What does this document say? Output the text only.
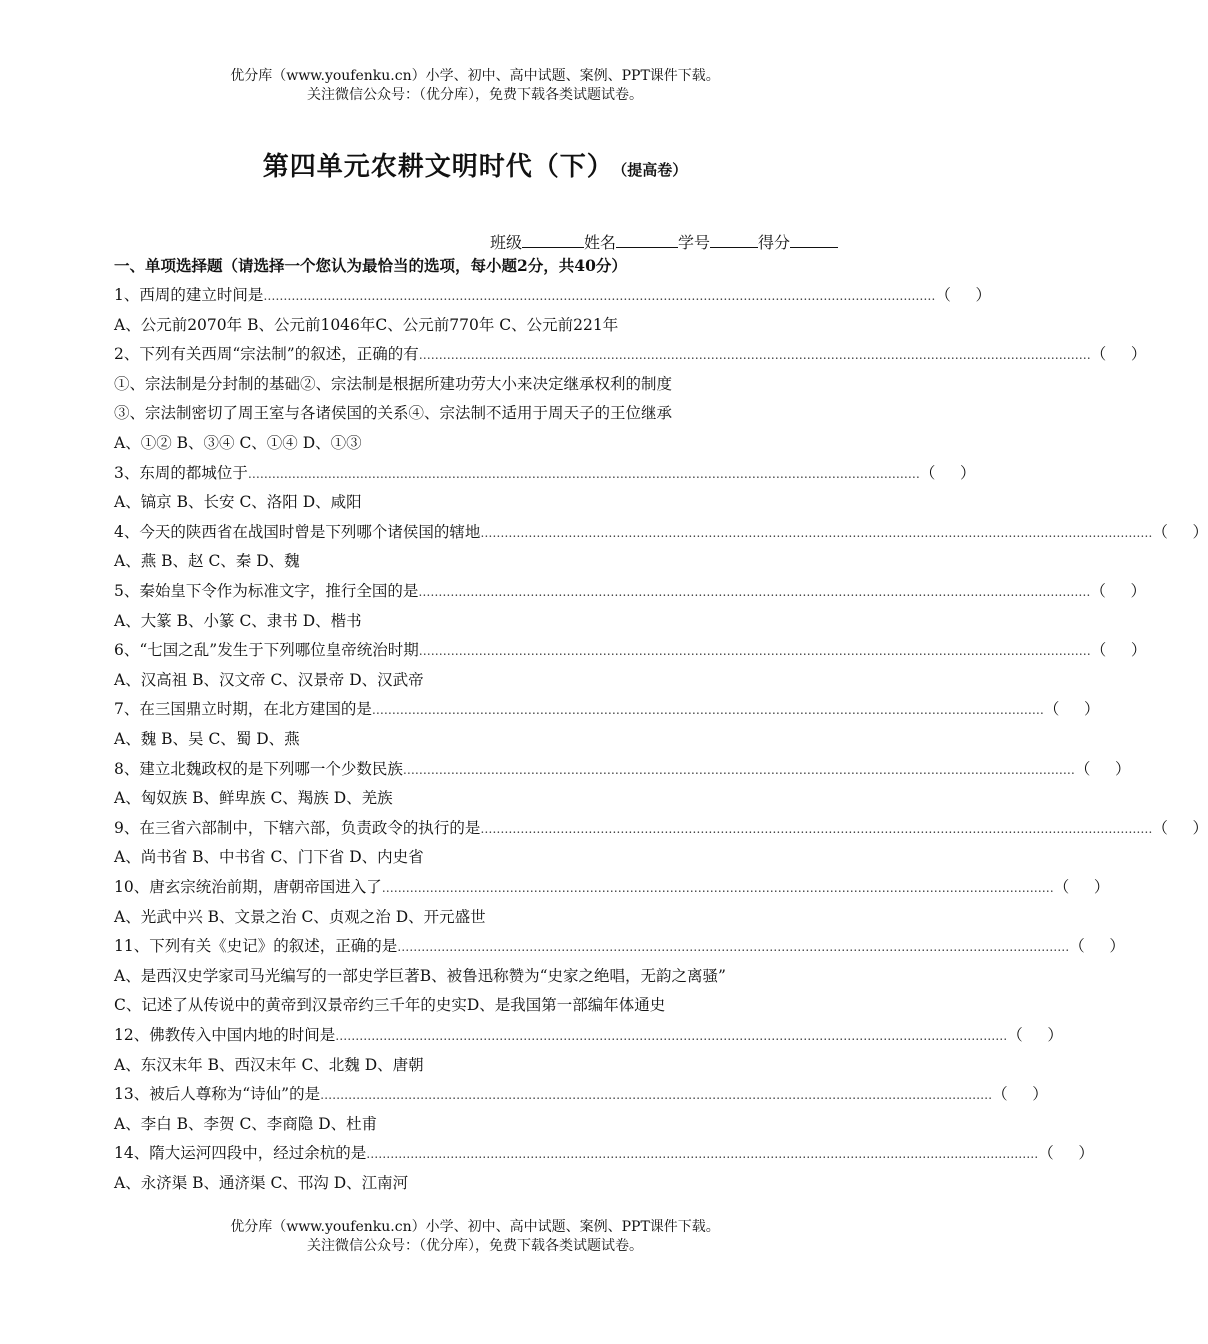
优分库（www.youfenku.cn）小学、初中、高中试题、案例、PPT课件下载。
关注微信公众号：（优分库），免费下载各类试题试卷。
第四单元农耕文明时代（下） （提高卷）
班级	姓名	学号	得分
一、单项选择题（请选择一个您认为最恰当的选项，每小题2分，共40分）
1、西周的建立时间是 …………………………………………………………………………………………………………………………………………………… （     ）
A、公元前2070年 B、公元前1046年C、公元前770年 C、公元前221年
2、下列有关西周“宗法制”的叙述，正确的有 …………………………………………………………………………………………………………………………………………………… （     ）
①、宗法制是分封制的基础②、宗法制是根据所建功劳大小来决定继承权利的制度
③、宗法制密切了周王室与各诸侯国的关系④、宗法制不适用于周天子的王位继承
A、①② B、③④ C、①④ D、①③
3、东周的都城位于 …………………………………………………………………………………………………………………………………………………… （     ）
A、镐京 B、长安 C、洛阳 D、咸阳
4、今天的陕西省在战国时曾是下列哪个诸侯国的辖地 …………………………………………………………………………………………………………………………………………………… （     ）
A、燕 B、赵 C、秦 D、魏
5、秦始皇下令作为标准文字，推行全国的是 …………………………………………………………………………………………………………………………………………………… （     ）
A、大篆 B、小篆 C、隶书 D、楷书
6、“七国之乱”发生于下列哪位皇帝统治时期 …………………………………………………………………………………………………………………………………………………… （     ）
A、汉高祖 B、汉文帝 C、汉景帝 D、汉武帝
7、在三国鼎立时期，在北方建国的是 …………………………………………………………………………………………………………………………………………………… （     ）
A、魏 B、吴 C、蜀 D、燕
8、建立北魏政权的是下列哪一个少数民族 …………………………………………………………………………………………………………………………………………………… （     ）
A、匈奴族 B、鲜卑族 C、羯族 D、羌族
9、在三省六部制中，下辖六部，负责政令的执行的是 …………………………………………………………………………………………………………………………………………………… （     ）
A、尚书省 B、中书省 C、门下省 D、内史省
10、唐玄宗统治前期，唐朝帝国进入了 …………………………………………………………………………………………………………………………………………………… （     ）
A、光武中兴 B、文景之治 C、贞观之治 D、开元盛世
11、下列有关《史记》的叙述，正确的是 …………………………………………………………………………………………………………………………………………………… （     ）
A、是西汉史学家司马光编写的一部史学巨著B、被鲁迅称赞为“史家之绝唱，无韵之离骚”
C、记述了从传说中的黄帝到汉景帝约三千年的史实D、是我国第一部编年体通史
12、佛教传入中国内地的时间是 …………………………………………………………………………………………………………………………………………………… （     ）
A、东汉末年 B、西汉末年 C、北魏 D、唐朝
13、被后人尊称为“诗仙”的是 …………………………………………………………………………………………………………………………………………………… （     ）
A、李白 B、李贺 C、李商隐 D、杜甫
14、隋大运河四段中，经过余杭的是 …………………………………………………………………………………………………………………………………………………… （     ）
A、永济渠 B、通济渠 C、邗沟 D、江南河
优分库（www.youfenku.cn）小学、初中、高中试题、案例、PPT课件下载。
关注微信公众号：（优分库），免费下载各类试题试卷。
